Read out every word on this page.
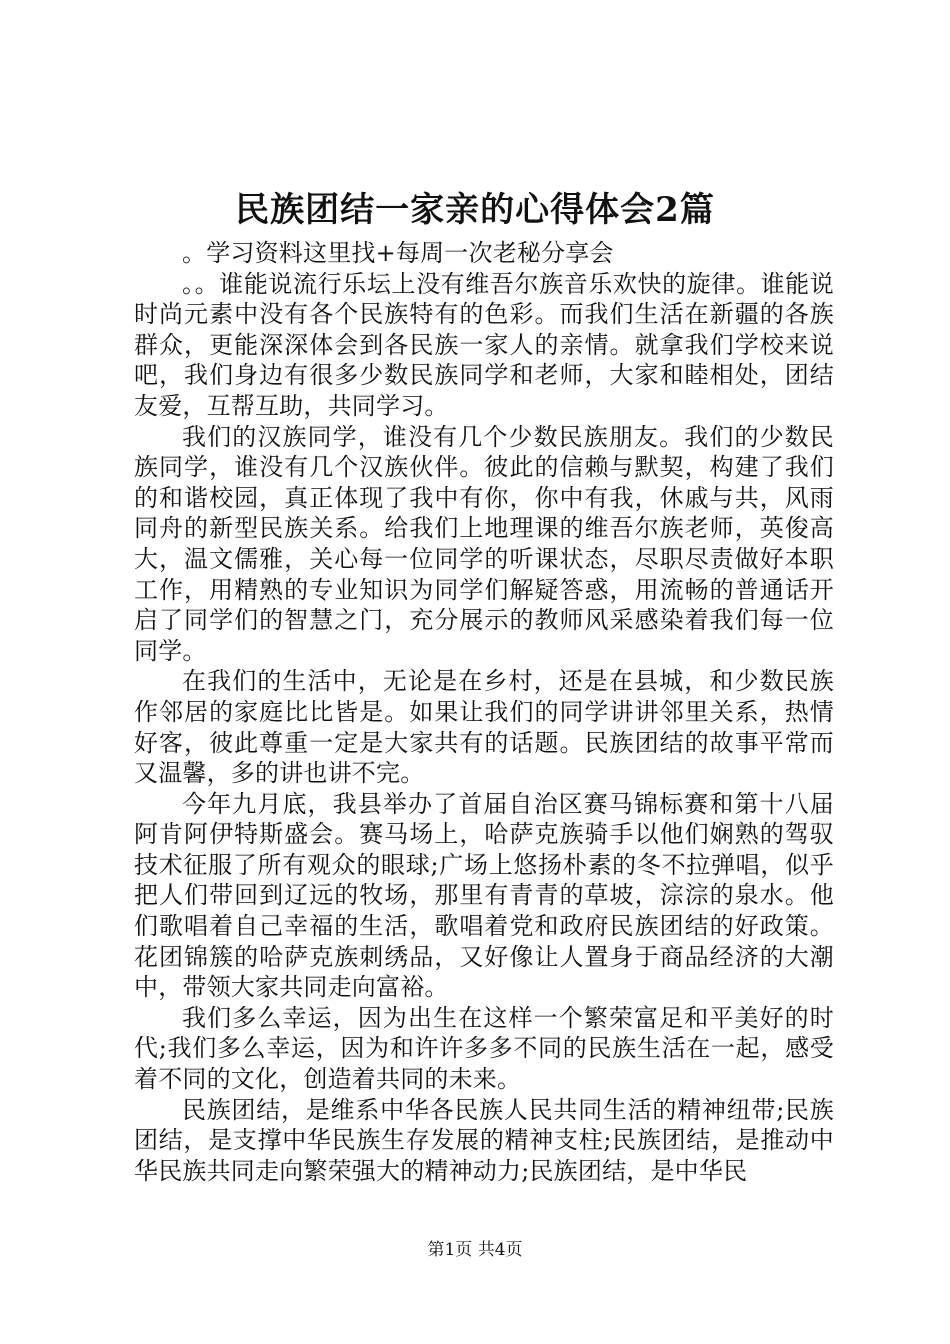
民族团结一家亲的心得体会2篇

。学习资料这里找+每周一次老秘分享会

。。谁能说流行乐坛上没有维吾尔族音乐欢快的旋律。谁能说时尚元素中没有各个民族特有的色彩。而我们生活在新疆的各族群众，更能深深体会到各民族一家人的亲情。就拿我们学校来说吧，我们身边有很多少数民族同学和老师，大家和睦相处，团结友爱，互帮互助，共同学习。

我们的汉族同学，谁没有几个少数民族朋友。我们的少数民族同学，谁没有几个汉族伙伴。彼此的信赖与默契，构建了我们的和谐校园，真正体现了我中有你，你中有我，休戚与共，风雨同舟的新型民族关系。给我们上地理课的维吾尔族老师，英俊高大，温文儒雅，关心每一位同学的听课状态，尽职尽责做好本职工作，用精熟的专业知识为同学们解疑答惑，用流畅的普通话开启了同学们的智慧之门，充分展示的教师风采感染着我们每一位同学。

在我们的生活中，无论是在乡村，还是在县城，和少数民族作邻居的家庭比比皆是。如果让我们的同学讲讲邻里关系，热情好客，彼此尊重一定是大家共有的话题。民族团结的故事平常而又温馨，多的讲也讲不完。

今年九月底，我县举办了首届自治区赛马锦标赛和第十八届阿肯阿伊特斯盛会。赛马场上，哈萨克族骑手以他们娴熟的驾驭技术征服了所有观众的眼球;广场上悠扬朴素的冬不拉弹唱，似乎把人们带回到辽远的牧场，那里有青青的草坡，淙淙的泉水。他们歌唱着自己幸福的生活，歌唱着党和政府民族团结的好政策。花团锦簇的哈萨克族刺绣品，又好像让人置身于商品经济的大潮中，带领大家共同走向富裕。

我们多么幸运，因为出生在这样一个繁荣富足和平美好的时代;我们多么幸运，因为和许许多多不同的民族生活在一起，感受着不同的文化，创造着共同的未来。

民族团结，是维系中华各民族人民共同生活的精神纽带;民族团结，是支撑中华民族生存发展的精神支柱;民族团结，是推动中华民族共同走向繁荣强大的精神动力;民族团结，是中华民

第1页 共4页
